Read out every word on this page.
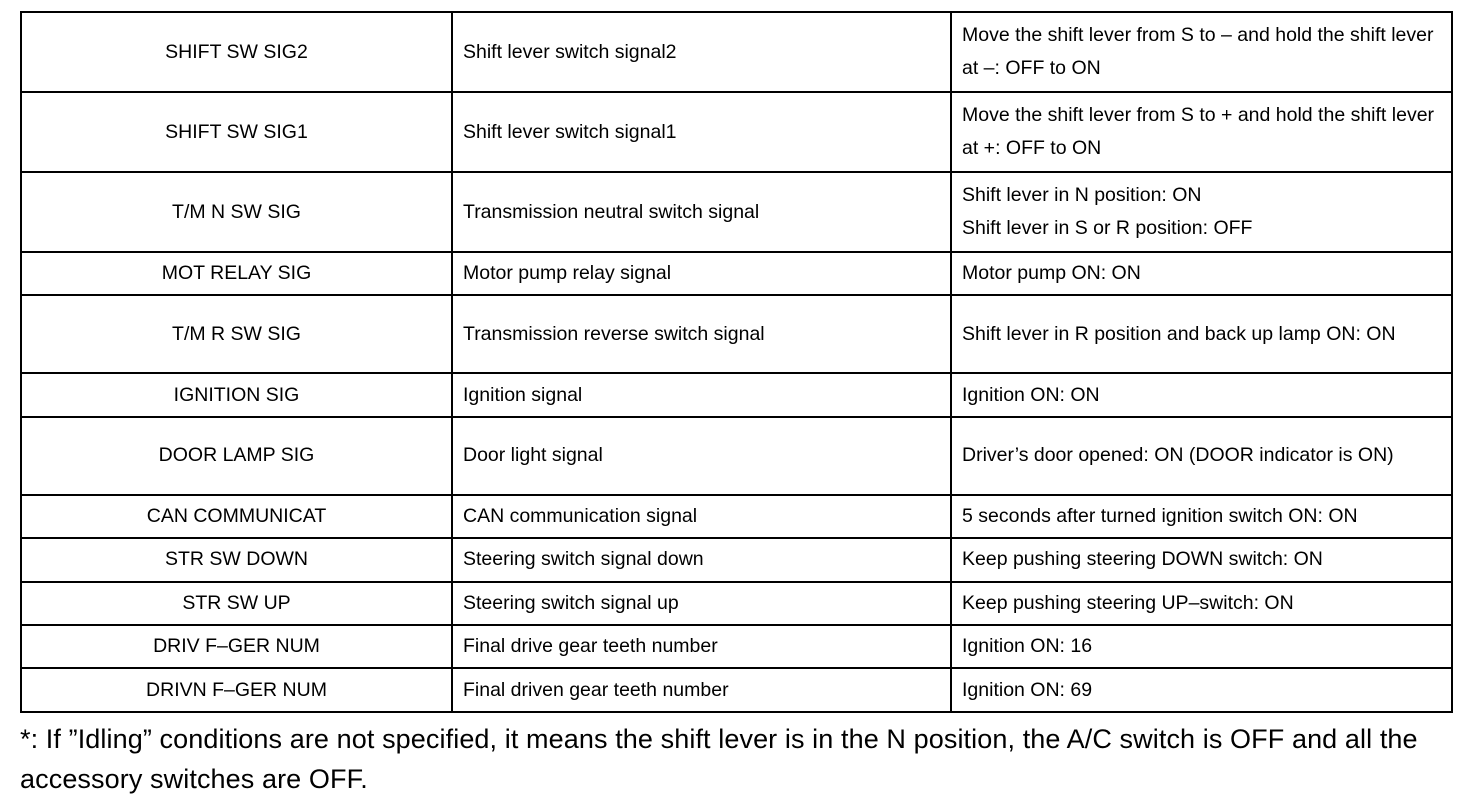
SHIFT SW SIG2	Shift lever switch signal2	Move the shift lever from S to – and hold the shift lever at –: OFF to ON
SHIFT SW SIG1	Shift lever switch signal1	Move the shift lever from S to + and hold the shift lever at +: OFF to ON
T/M N SW SIG	Transmission neutral switch signal	Shift lever in N position: ON
Shift lever in S or R position: OFF

MOT RELAY SIG	Motor pump relay signal	Motor pump ON: ON
T/M R SW SIG	Transmission reverse switch signal	Shift lever in R position and back up lamp ON: ON
IGNITION SIG	Ignition signal	Ignition ON: ON
DOOR LAMP SIG	Door light signal	Driver’s door opened: ON (DOOR indicator is ON)
CAN COMMUNICAT	CAN communication signal	5 seconds after turned ignition switch ON: ON
STR SW DOWN	Steering switch signal down	Keep pushing steering DOWN switch: ON
STR SW UP	Steering switch signal up	Keep pushing steering UP–switch: ON
DRIV F–GER NUM	Final drive gear teeth number	Ignition ON: 16
DRIVN F–GER NUM	Final driven gear teeth number	Ignition ON: 69
*: If ”Idling” conditions are not specified, it means the shift lever is in the N position, the A/C switch is OFF and all the accessory switches are OFF.
